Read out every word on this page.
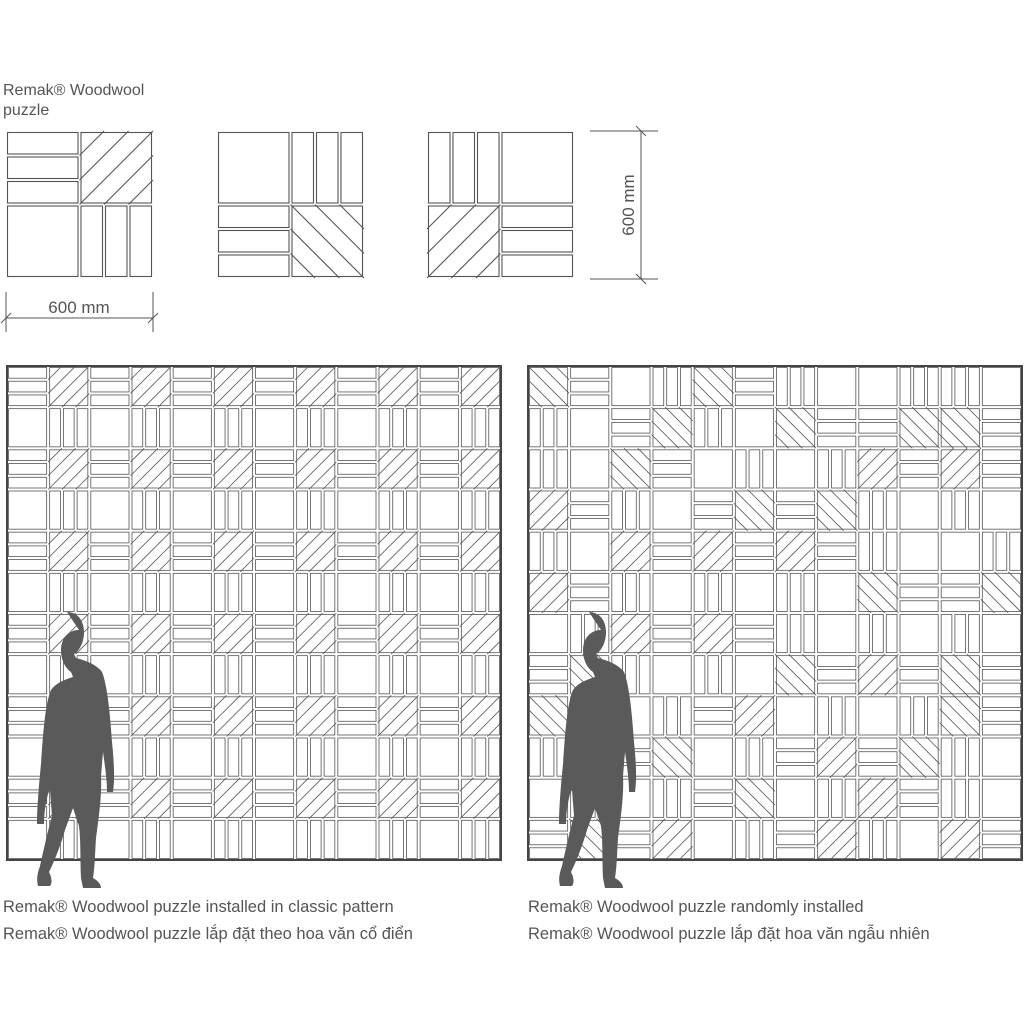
Remak® Woodwool
puzzle
600 mm
600 mm
Remak® Woodwool puzzle installed in classic pattern
Remak® Woodwool puzzle lắp đặt theo hoa văn cổ điển
Remak® Woodwool puzzle randomly installed
Remak® Woodwool puzzle lắp đặt hoa văn ngẫu nhiên
